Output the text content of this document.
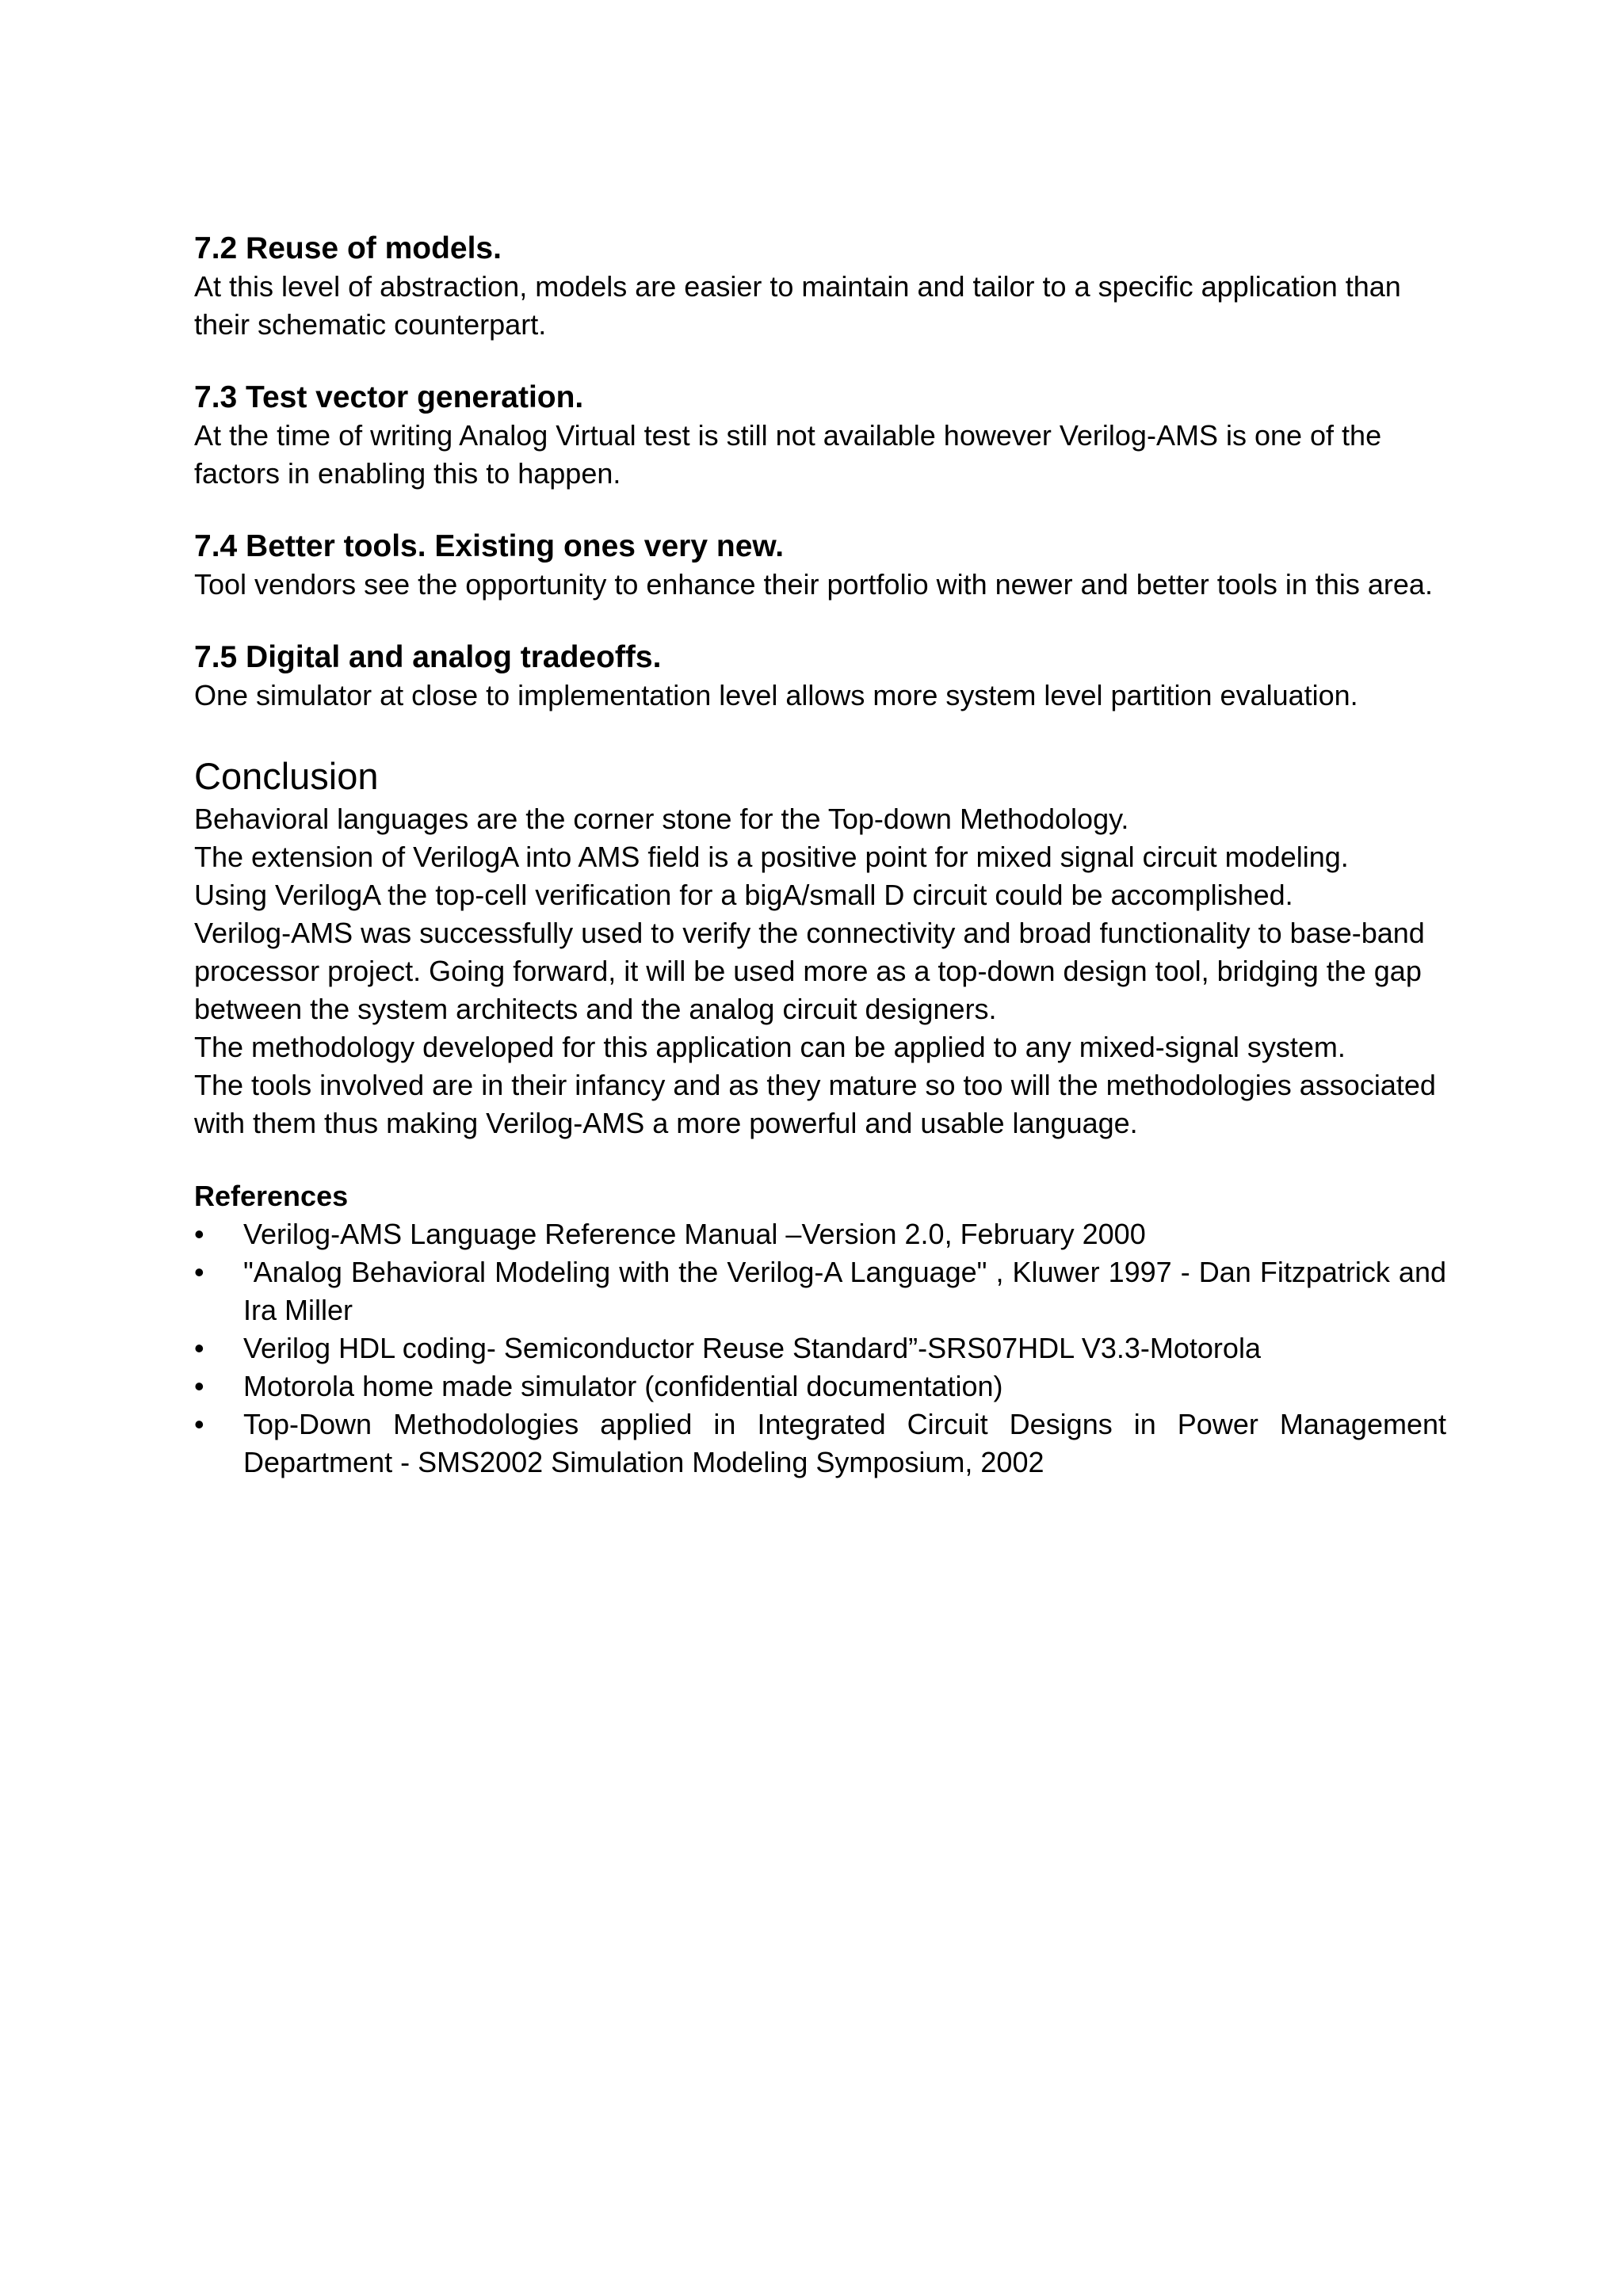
7.2 Reuse of models.
At this level of abstraction, models are easier to maintain and tailor to a specific application than their schematic counterpart.
7.3 Test vector generation.
At the time of writing Analog Virtual test is still not available however Verilog-AMS is one of the factors in enabling this to happen.
7.4 Better tools. Existing ones very new.
Tool vendors see the opportunity to enhance their portfolio with newer and better tools in this area.
7.5 Digital and analog tradeoffs.
One simulator at close to implementation level allows more system level partition evaluation.
Conclusion
Behavioral languages are the corner stone for the Top-down Methodology.
The extension of VerilogA into AMS field is a positive point for mixed signal circuit modeling.
Using VerilogA the top-cell verification for a bigA/small D circuit could be accomplished.
Verilog-AMS was successfully used to verify the connectivity and broad functionality to base-band processor project. Going forward, it will be used more as a top-down design tool, bridging the gap between the system architects and the analog circuit designers.
The methodology developed for this application can be applied to any mixed-signal system.
The tools involved are in their infancy and as they mature so too will the methodologies associated with them thus making Verilog-AMS a more powerful and usable language.
References
• Verilog-AMS Language Reference Manual –Version 2.0, February 2000
• "Analog Behavioral Modeling with the Verilog-A Language" , Kluwer 1997 - Dan Fitzpatrick and Ira Miller
• Verilog HDL coding- Semiconductor Reuse Standard”-SRS07HDL V3.3-Motorola
• Motorola home made simulator (confidential documentation)
• Top-Down Methodologies applied in Integrated Circuit Designs in Power Management Department - SMS2002 Simulation Modeling Symposium, 2002
